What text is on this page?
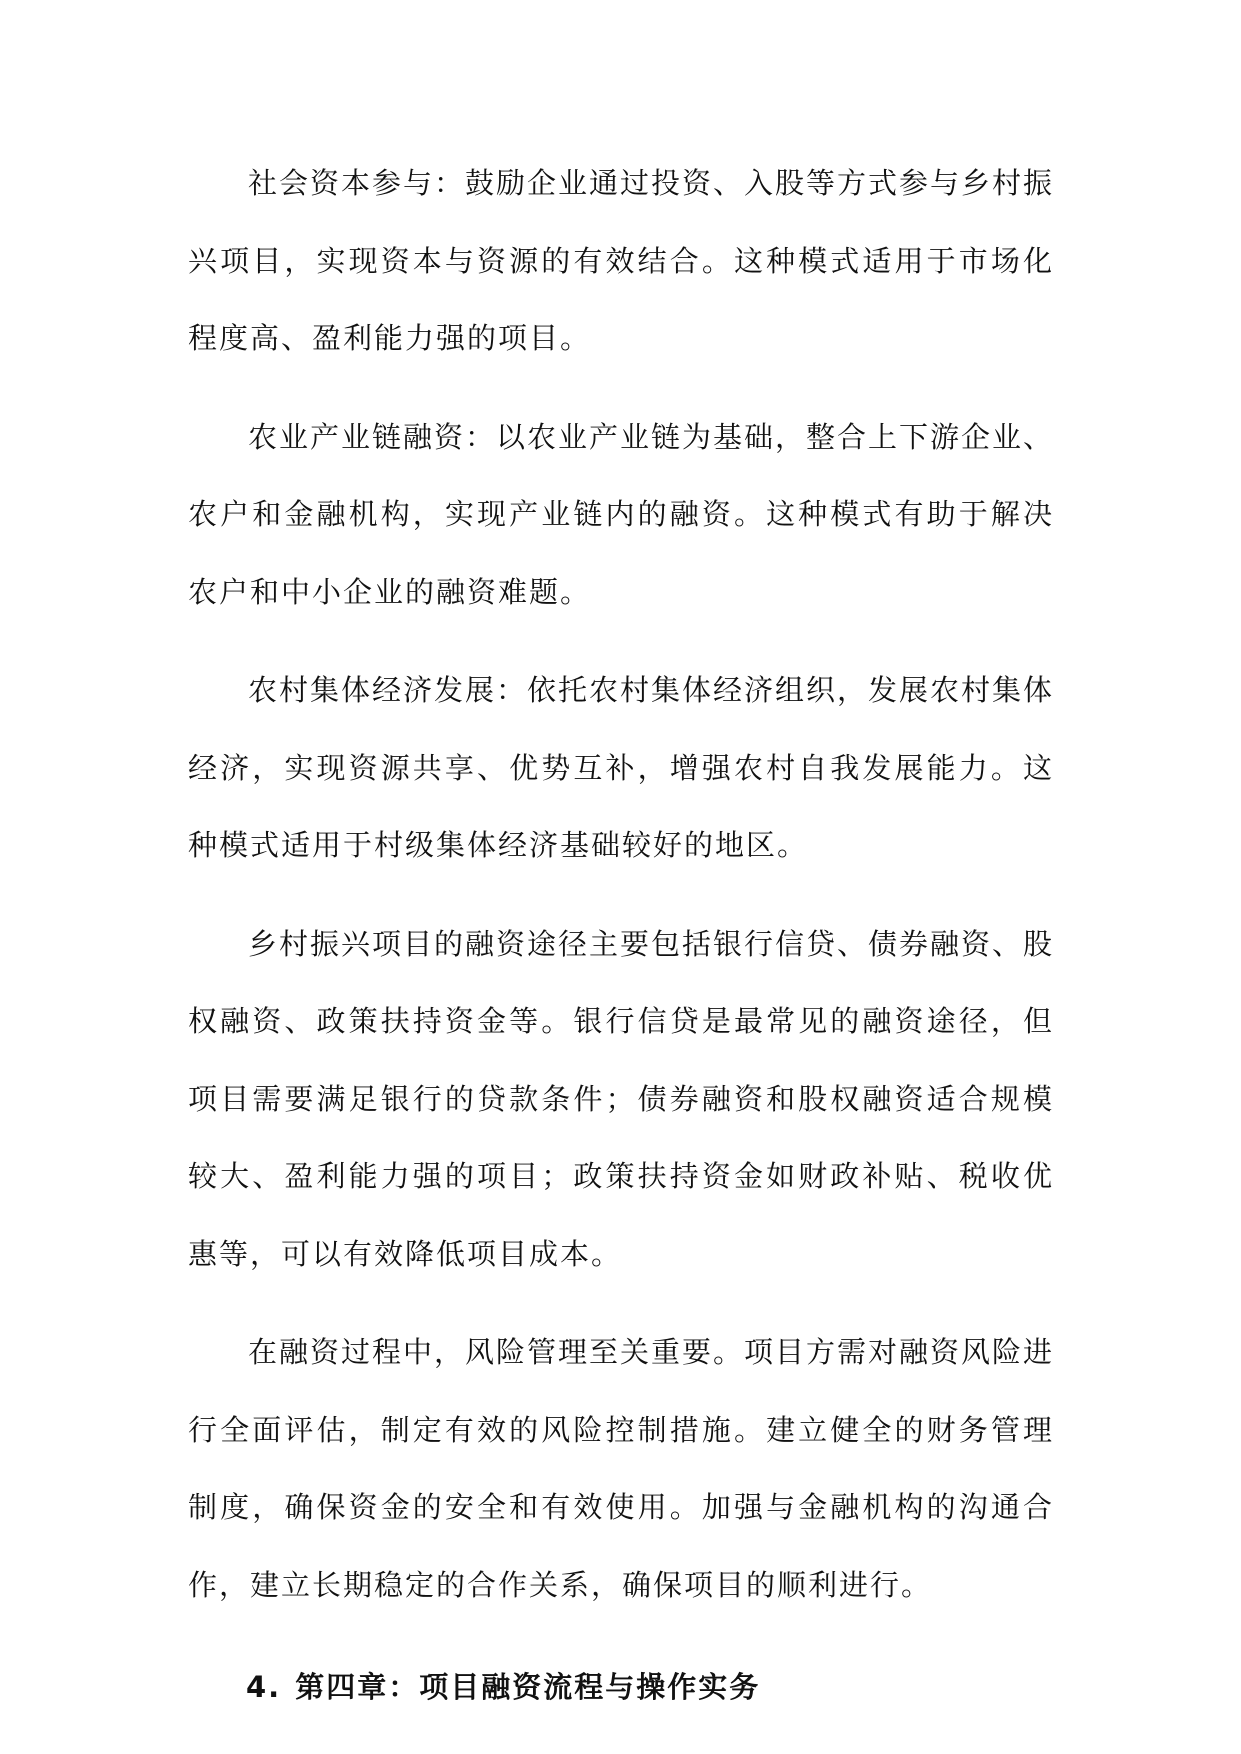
社会资本参与：鼓励企业通过投资、入股等方式参与乡村振兴项目，实现资本与资源的有效结合。这种模式适用于市场化程度高、盈利能力强的项目。

农业产业链融资：以农业产业链为基础，整合上下游企业、农户和金融机构，实现产业链内的融资。这种模式有助于解决农户和中小企业的融资难题。

农村集体经济发展：依托农村集体经济组织，发展农村集体经济，实现资源共享、优势互补，增强农村自我发展能力。这种模式适用于村级集体经济基础较好的地区。

乡村振兴项目的融资途径主要包括银行信贷、债券融资、股权融资、政策扶持资金等。银行信贷是最常见的融资途径，但项目需要满足银行的贷款条件；债券融资和股权融资适合规模较大、盈利能力强的项目；政策扶持资金如财政补贴、税收优惠等，可以有效降低项目成本。

在融资过程中，风险管理至关重要。项目方需对融资风险进行全面评估，制定有效的风险控制措施。建立健全的财务管理制度，确保资金的安全和有效使用。加强与金融机构的沟通合作，建立长期稳定的合作关系，确保项目的顺利进行。

4. 第四章：项目融资流程与操作实务
